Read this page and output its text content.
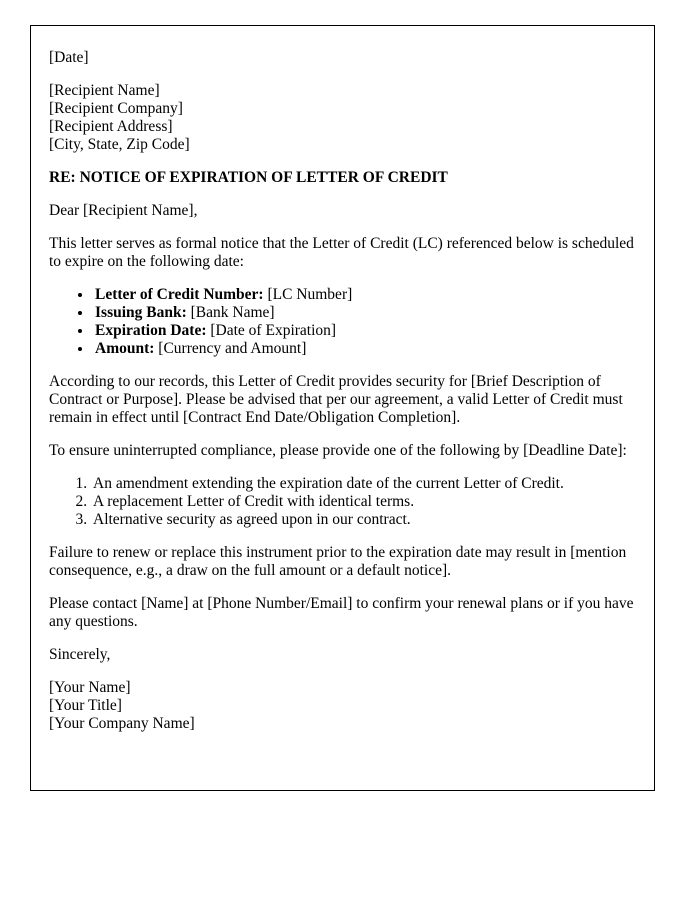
[Date]

[Recipient Name]
[Recipient Company]
[Recipient Address]
[City, State, Zip Code]

RE: NOTICE OF EXPIRATION OF LETTER OF CREDIT

Dear [Recipient Name],

This letter serves as formal notice that the Letter of Credit (LC) referenced below is scheduled to expire on the following date:

• Letter of Credit Number: [LC Number]
• Issuing Bank: [Bank Name]
• Expiration Date: [Date of Expiration]
• Amount: [Currency and Amount]

According to our records, this Letter of Credit provides security for [Brief Description of Contract or Purpose]. Please be advised that per our agreement, a valid Letter of Credit must remain in effect until [Contract End Date/Obligation Completion].

To ensure uninterrupted compliance, please provide one of the following by [Deadline Date]:

1. An amendment extending the expiration date of the current Letter of Credit.
2. A replacement Letter of Credit with identical terms.
3. Alternative security as agreed upon in our contract.

Failure to renew or replace this instrument prior to the expiration date may result in [mention consequence, e.g., a draw on the full amount or a default notice].

Please contact [Name] at [Phone Number/Email] to confirm your renewal plans or if you have any questions.

Sincerely,

[Your Name]
[Your Title]
[Your Company Name]
